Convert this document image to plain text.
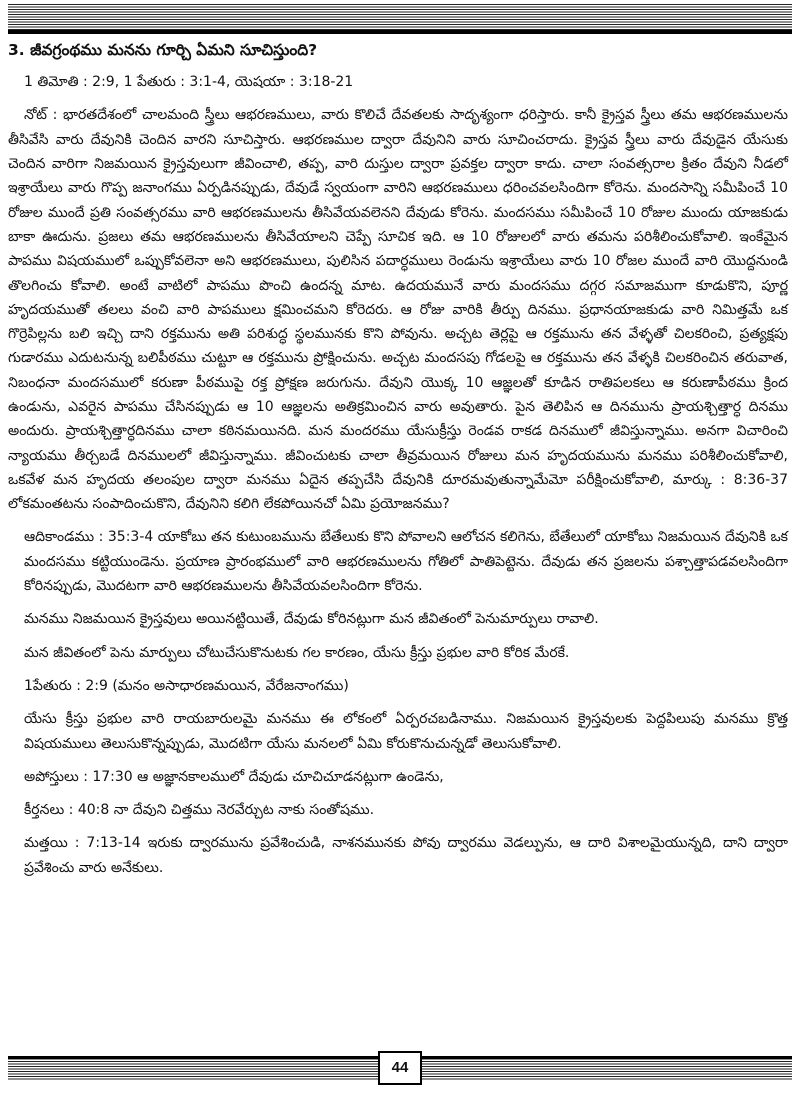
3. జీవగ్రంథము మనను గూర్చి ఏమని సూచిస్తుంది?

1 తిమోతి : 2:9, 1 పేతురు : 3:1-4, యెషయా : 3:18-21

నోట్ : భారతదేశంలో చాలమంది స్త్రీలు ఆభరణములు, వారు కొలిచే దేవతలకు సాదృశ్యంగా ధరిస్తారు. కానీ క్రైస్తవ స్త్రీలు తమ ఆభరణములను తీసివేసి వారు దేవునికి చెందిన వారని సూచిస్తారు. ఆభరణముల ద్వారా దేవునిని వారు సూచించరాదు. క్రైస్తవ స్త్రీలు వారు దేవుడైన యేసుకు చెందిన వారిగా నిజమయిన క్రైస్తవులుగా జీవించాలి, తప్ప, వారి దుస్తుల ద్వారా ప్రవక్తల ద్వారా కాదు. చాలా సంవత్సరాల క్రితం దేవుని నీడలో ఇశ్రాయేలు వారు గొప్ప జనాంగము ఏర్పడినప్పుడు, దేవుడే స్వయంగా వారిని ఆభరణములు ధరించవలసిందిగా కోరెను. మందసాన్ని సమీపించే 10 రోజుల ముందే ప్రతి సంవత్సరము వారి ఆభరణములను తీసివేయవలెనని దేవుడు కోరెను. మందసము సమీపించే 10 రోజుల ముందు యాజకుడు బాకా ఊదును. ప్రజలు తమ ఆభరణములను తీసివేయాలని చెప్పే సూచిక ఇది. ఆ 10 రోజులలో వారు తమను పరిశీలించుకోవాలి. ఇంకేమైన పాపము విషయములో ఒప్పుకోవలెనా అని ఆభరణములు, పులిసిన పదార్ధములు రెండును ఇశ్రాయేలు వారు 10 రోజల ముందే వారి యొద్దనుండి తొలగించు కోవాలి. అంటే వాటిలో పాపము పొంచి ఉందన్న మాట. ఉదయమునే వారు మందసము దగ్గర సమాజముగా కూడుకొని, పూర్ణ హృదయముతో తలలు వంచి వారి పాపములు క్షమించమని కోరెదరు. ఆ రోజు వారికి తీర్పు దినము. ప్రధానయాజకుడు వారి నిమిత్తమే ఒక గొర్రెపిల్లను బలి ఇచ్చి దాని రక్తమును అతి పరిశుద్ధ స్థలమునకు కొని పోవును. అచ్చట తెర్లపై ఆ రక్తమును తన వేళ్ళతో చిలకరించి, ప్రత్యక్షపు గుడారము ఎదుటనున్న బలిపీఠము చుట్టూ ఆ రక్తమును ప్రోక్షించును. అచ్చట మందసపు గోడలపై ఆ రక్తమును తన వేళ్ళకి చిలకరించిన తరువాత, నిబంధనా మందసములో కరుణా పీఠముపై రక్త ప్రోక్షణ జరుగును. దేవుని యొక్క 10 ఆజ్ఞలతో కూడిన రాతిపలకలు ఆ కరుణాపీఠము క్రింద ఉండును, ఎవరైన పాపము చేసినప్పుడు ఆ 10 ఆజ్ఞలను అతిక్రమించిన వారు అవుతారు. పైన తెలిపిన ఆ దినమును ప్రాయశ్చిత్తార్ధ దినము అందురు. ప్రాయశ్చిత్తార్ధదినము చాలా కఠినమయినది. మన మందరము యేసుక్రీస్తు రెండవ రాకడ దినములో జీవిస్తున్నాము. అనగా విచారించి న్యాయము తీర్చబడే దినములలో జీవిస్తున్నాము. జీవించుటకు చాలా తీవ్రమయిన రోజులు మన హృదయమును మనము పరిశీలించుకోవాలి, ఒకవేళ మన హృదయ తలంపుల ద్వారా మనము ఏదైన తప్పచేసి దేవునికి దూరమవుతున్నామేమో పరీక్షించుకోవాలి, మార్కు : 8:36-37 లోకమంతటను సంపాదించుకొని, దేవునిని కలిగి లేకపోయినచో ఏమి ప్రయోజనము?

ఆదికాండము : 35:3-4 యాకోబు తన కుటుంబమును బేతేలుకు కొని పోవాలని ఆలోచన కలిగెను, బేతేలులో యాకోబు నిజమయిన దేవునికి ఒక మందసము కట్టియుండెను. ప్రయాణ ప్రారంభములో వారి ఆభరణములను గోతిలో పాతిపెట్టెను. దేవుడు తన ప్రజలను పశ్చాత్తాపడవలసిందిగా కోరినప్పుడు, మొదటగా వారి ఆభరణములను తీసివేయవలసిందిగా కోరెను.

మనము నిజమయిన క్రైస్తవులు అయినట్టియితే, దేవుడు కోరినట్లుగా మన జీవితంలో పెనుమార్పులు రావాలి.

మన జీవితంలో పెను మార్పులు చోటుచేసుకొనుటకు గల కారణం, యేసు క్రీస్తు ప్రభుల వారి కోరిక మేరకే.

1పేతురు : 2:9 (మనం అసాధారణమయిన, వేరేజనాంగము)

యేసు క్రీస్తు ప్రభుల వారి రాయబారులమై మనము ఈ లోకంలో ఏర్పరచబడినాము. నిజమయిన క్రైస్తవులకు పెద్దపిలుపు మనము క్రొత్త విషయములు తెలుసుకొన్నప్పుడు, మొదటిగా యేసు మనలలో ఏమి కోరుకొనుచున్నడో తెలుసుకోవాలి.

అపోస్తులు : 17:30 ఆ అజ్ఞానకాలములో దేవుడు చూచిచూడనట్లుగా ఉండెను,

కీర్తనలు : 40:8 నా దేవుని చిత్తము నెరవేర్చుట నాకు సంతోషము.

మత్తయి : 7:13-14 ఇరుకు ద్వారమును ప్రవేశించుడి, నాశనమునకు పోవు ద్వారము వెడల్పును, ఆ దారి విశాలమైయున్నది, దాని ద్వారా ప్రవేశించు వారు అనేకులు.

44
